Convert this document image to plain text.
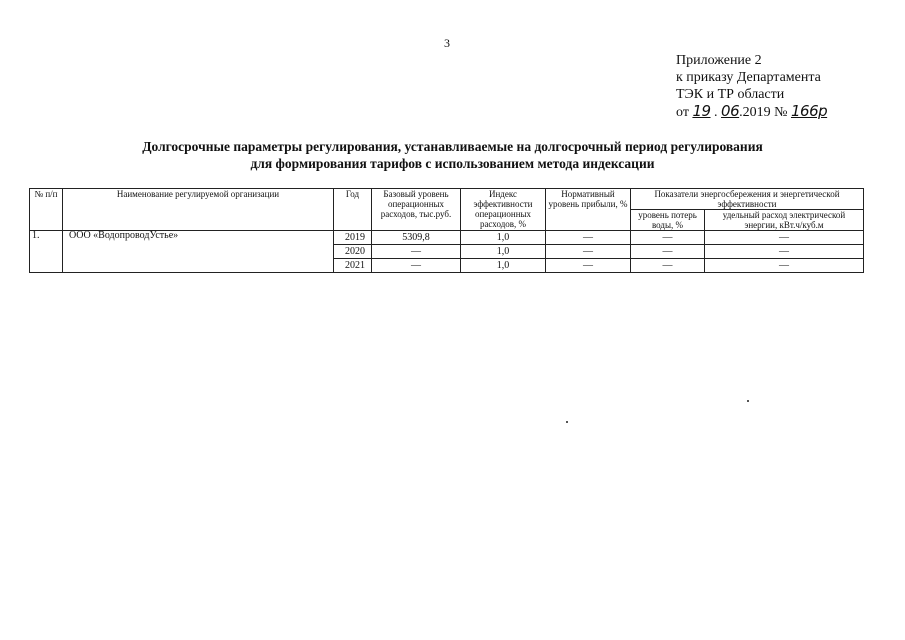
3
Приложение 2
к приказу Департамента
ТЭК и ТР области
от 19 . 06.2019 № 166р
Долгосрочные параметры регулирования, устанавливаемые на долгосрочный период регулирования
для формирования тарифов с использованием метода индексации
№ п/п	Наименование регулируемой организации	Год	Базовый уровень операционных расходов, тыс.руб.	Индекс эффективности операционных расходов, %	Нормативный уровень прибыли, %	Показатели энергосбережения и энергетической эффективности	
						уровень потерь воды, %	удельный расход электрической энергии, кВт.ч/куб.м
1.	ООО «ВодопроводУстье»	2019	5309,8	1,0	—	—	—
		2020	—	1,0	—	—	—
		2021	—	1,0	—	—	—
